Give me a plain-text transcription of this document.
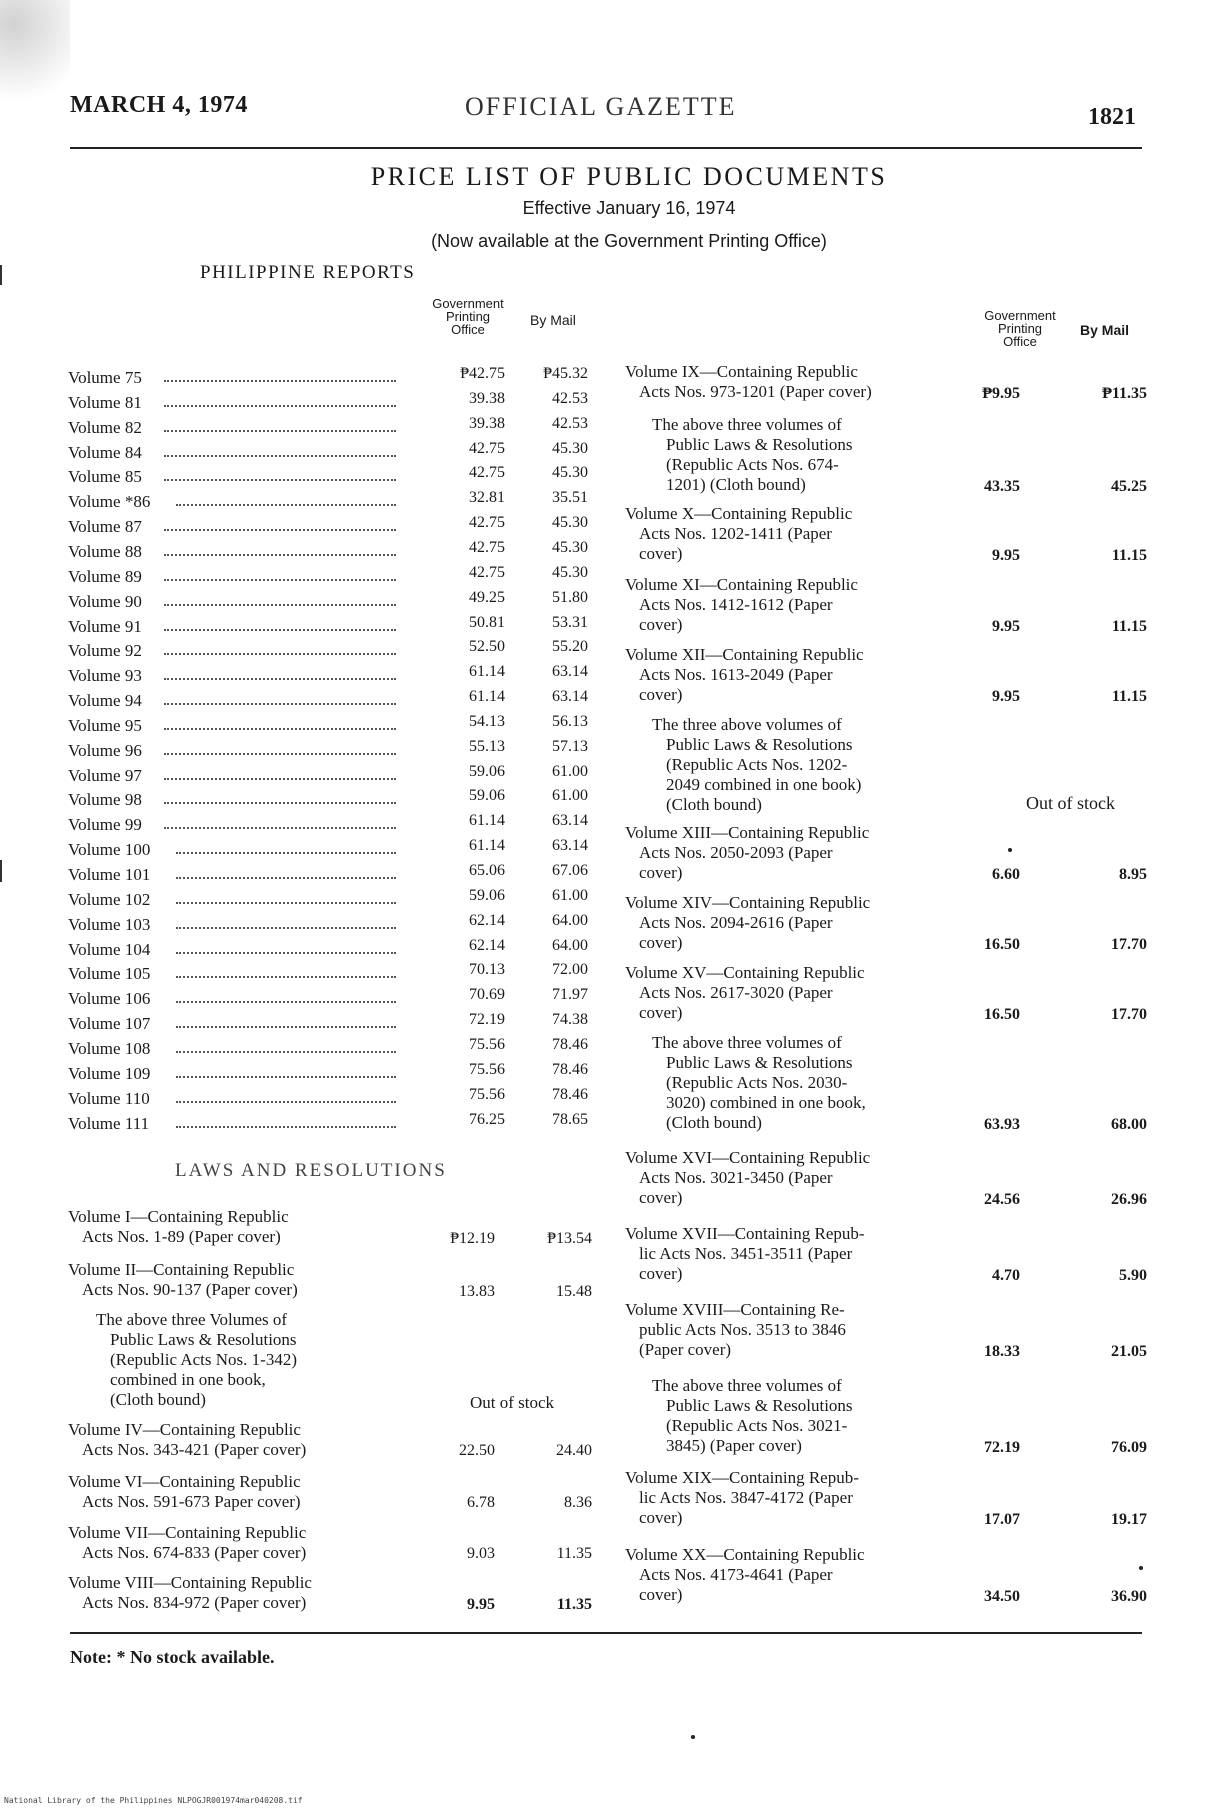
MARCH 4, 1974	OFFICIAL GAZETTE	1821
PRICE LIST OF PUBLIC DOCUMENTS
Effective January 16, 1974
(Now available at the Government Printing Office)
PHILIPPINE REPORTS
Government
Printing
Office
By Mail	Government
Printing
Office
By Mail
Volume 75	₱42.75	₱45.32
Volume 81	39.38	42.53
Volume 82	39.38	42.53
Volume 84	42.75	45.30
Volume 85	42.75	45.30
Volume *86	32.81	35.51
Volume 87	42.75	45.30
Volume 88	42.75	45.30
Volume 89	42.75	45.30
Volume 90	49.25	51.80
Volume 91	50.81	53.31
Volume 92	52.50	55.20
Volume 93	61.14	63.14
Volume 94	61.14	63.14
Volume 95	54.13	56.13
Volume 96	55.13	57.13
Volume 97	59.06	61.00
Volume 98	59.06	61.00
Volume 99	61.14	63.14
Volume 100	61.14	63.14
Volume 101	65.06	67.06
Volume 102	59.06	61.00
Volume 103	62.14	64.00
Volume 104	62.14	64.00
Volume 105	70.13	72.00
Volume 106	70.69	71.97
Volume 107	72.19	74.38
Volume 108	75.56	78.46
Volume 109	75.56	78.46
Volume 110	75.56	78.46
Volume 111	76.25	78.65
LAWS AND RESOLUTIONS
Volume I—Containing Republic
Acts Nos. 1-89 (Paper cover)	₱12.19	₱13.54
Volume II—Containing Republic
Acts Nos. 90-137 (Paper cover)	13.83	15.48
The above three Volumes of
Public Laws & Resolutions
(Republic Acts Nos. 1-342)
combined in one book,
(Cloth bound)	Out of stock
Volume IV—Containing Republic
Acts Nos. 343-421 (Paper cover)	22.50	24.40
Volume VI—Containing Republic
Acts Nos. 591-673 Paper cover)	6.78	8.36
Volume VII—Containing Republic
Acts Nos. 674-833 (Paper cover)	9.03	11.35
Volume VIII—Containing Republic
Acts Nos. 834-972 (Paper cover)	9.95	11.35
Volume IX—Containing Republic
Acts Nos. 973-1201 (Paper cover)	₱9.95	₱11.35
The above three volumes of
Public Laws & Resolutions
(Republic Acts Nos. 674-
1201) (Cloth bound)	43.35	45.25
Volume X—Containing Republic
Acts Nos. 1202-1411 (Paper
cover)	9.95	11.15
Volume XI—Containing Republic
Acts Nos. 1412-1612 (Paper
cover)	9.95	11.15
Volume XII—Containing Republic
Acts Nos. 1613-2049 (Paper
cover)	9.95	11.15
The three above volumes of
Public Laws & Resolutions
(Republic Acts Nos. 1202-
2049 combined in one book)
(Cloth bound)	Out of stock
Volume XIII—Containing Republic
Acts Nos. 2050-2093 (Paper
cover)	6.60	8.95
Volume XIV—Containing Republic
Acts Nos. 2094-2616 (Paper
cover)	16.50	17.70
Volume XV—Containing Republic
Acts Nos. 2617-3020 (Paper
cover)	16.50	17.70
The above three volumes of
Public Laws & Resolutions
(Republic Acts Nos. 2030-
3020) combined in one book,
(Cloth bound)	63.93	68.00
Volume XVI—Containing Republic
Acts Nos. 3021-3450 (Paper
cover)	24.56	26.96
Volume XVII—Containing Repub-
lic Acts Nos. 3451-3511 (Paper
cover)	4.70	5.90
Volume XVIII—Containing Re-
public Acts Nos. 3513 to 3846
(Paper cover)	18.33	21.05
The above three volumes of
Public Laws & Resolutions
(Republic Acts Nos. 3021-
3845) (Paper cover)	72.19	76.09
Volume XIX—Containing Repub-
lic Acts Nos. 3847-4172 (Paper
cover)	17.07	19.17
Volume XX—Containing Republic
Acts Nos. 4173-4641 (Paper
cover)	34.50	36.90
Note: * No stock available.
National Library of the Philippines NLPOGJR001974mar040208.tif
